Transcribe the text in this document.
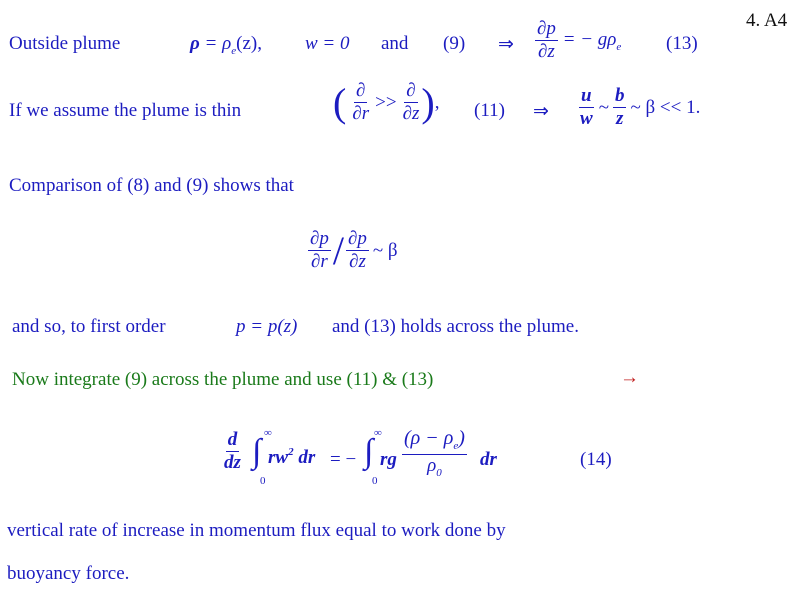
4. A4
Outside plume	$\rho = \rho_e(z)$, w = 0 and (9) ⇒ $\frac{\partial p}{\partial z}$ = − $g\rho_e$ (13)
If we assume the plume is thin ( $\frac{\partial}{\partial r} >> \frac{\partial}{\partial z}$ ) , (11) ⇒ $\frac{u}{w}$ ~ $\frac{b}{z}$ ~ β << 1.
Comparison of (8) and (9) shows that
$\frac{\partial p}{\partial r} / \frac{\partial p}{\partial z}$ ~ β
and so, to first order	p = p(z) and (13) holds across the plume.
Now integrate (9) across the plume and use (11) & (13)	→
$\frac{d}{dz}$ ∫ ∞
0
$rw^2$ dr = − ∫ ∞
0
rg $\frac{(\rho - \rho_e)}{\rho_0}$ dr	(14)
vertical rate of increase in momentum flux equal to work done by
buoyancy force.
